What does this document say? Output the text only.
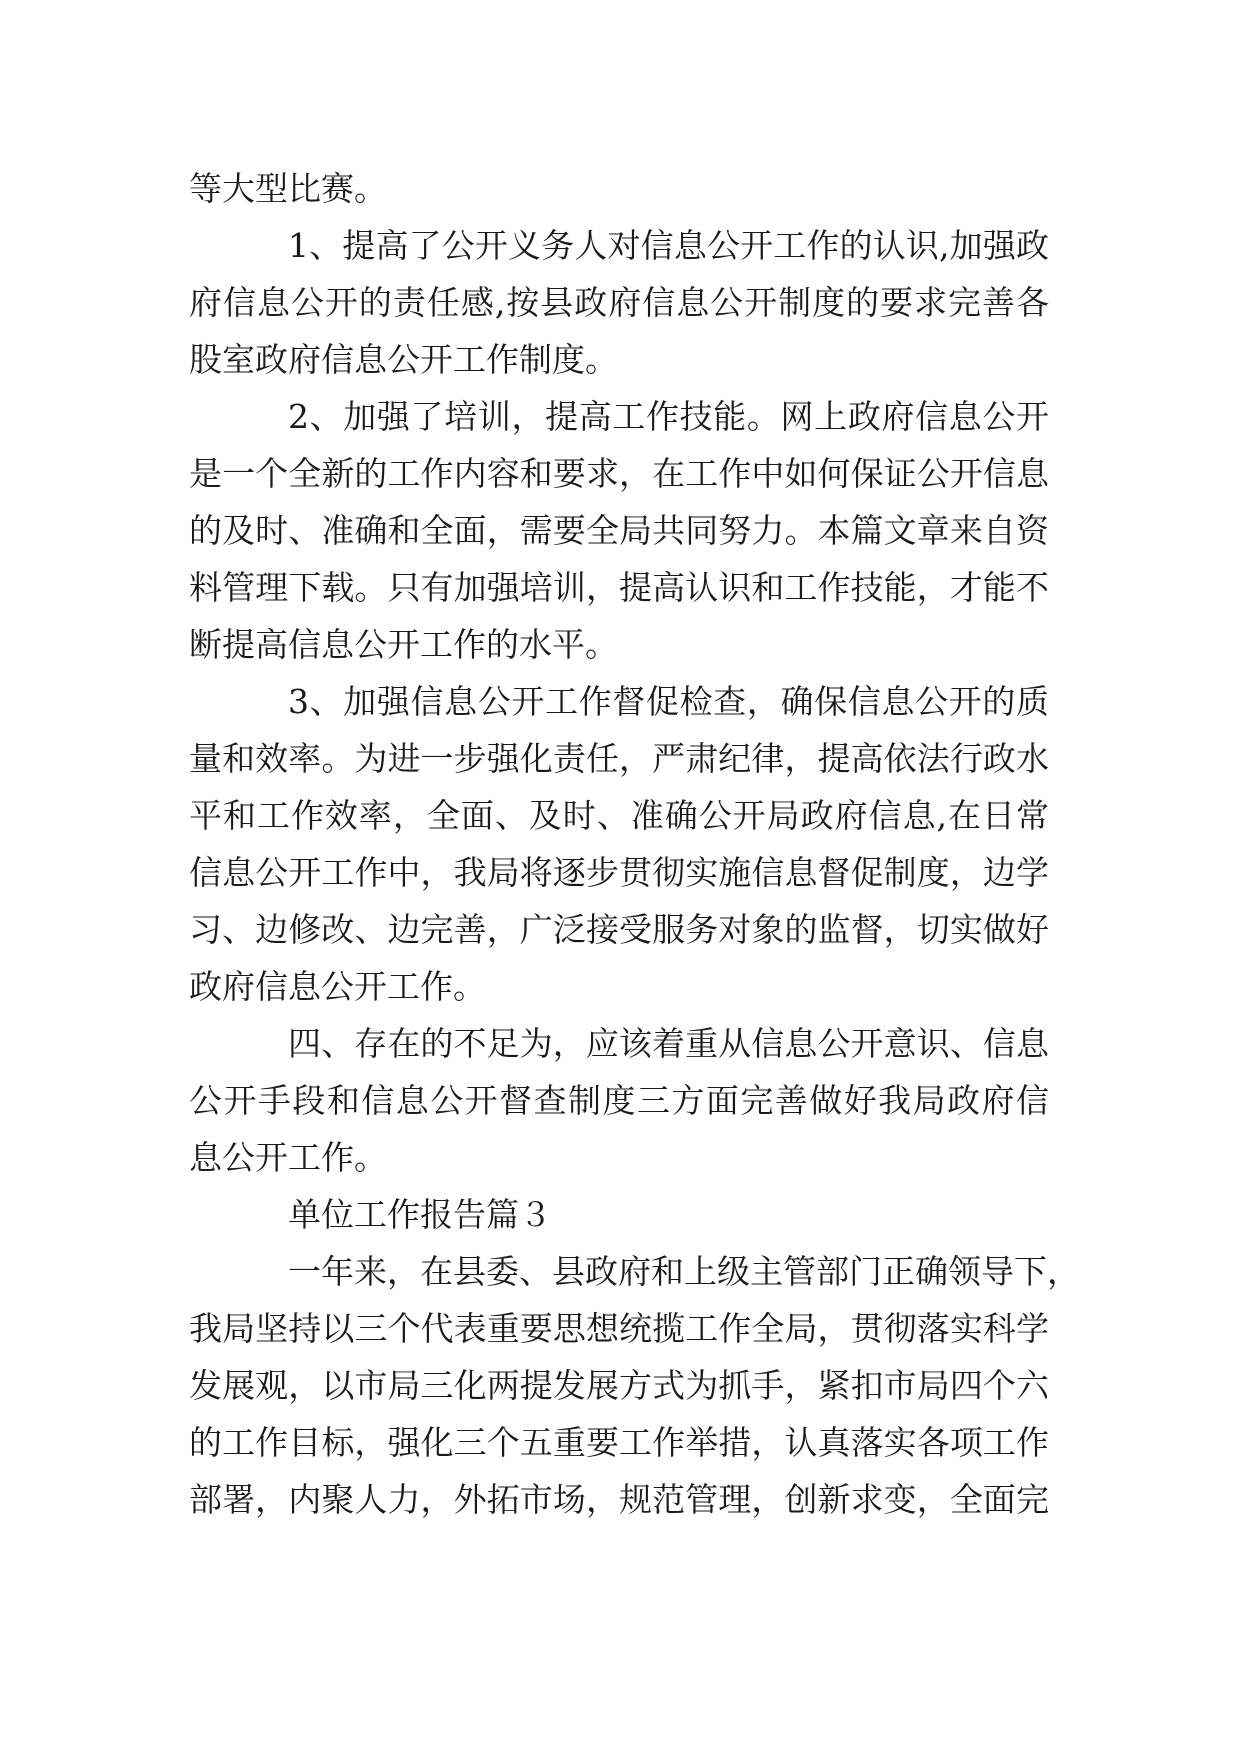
等大型比赛。
1、提高了公开义务人对信息公开工作的认识,加强政
府信息公开的责任感,按县政府信息公开制度的要求完善各
股室政府信息公开工作制度。
2、加强了培训，提高工作技能。网上政府信息公开
是一个全新的工作内容和要求，在工作中如何保证公开信息
的及时、准确和全面，需要全局共同努力。本篇文章来自资
料管理下载。只有加强培训，提高认识和工作技能，才能不
断提高信息公开工作的水平。
3、加强信息公开工作督促检查，确保信息公开的质
量和效率。为进一步强化责任，严肃纪律，提高依法行政水
平和工作效率，全面、及时、准确公开局政府信息,在日常
信息公开工作中，我局将逐步贯彻实施信息督促制度，边学
习、边修改、边完善，广泛接受服务对象的监督，切实做好
政府信息公开工作。
四、存在的不足为，应该着重从信息公开意识、信息
公开手段和信息公开督查制度三方面完善做好我局政府信
息公开工作。
单位工作报告篇３
一年来，在县委、县政府和上级主管部门正确领导下，
我局坚持以三个代表重要思想统揽工作全局，贯彻落实科学
发展观，以市局三化两提发展方式为抓手，紧扣市局四个六
的工作目标，强化三个五重要工作举措，认真落实各项工作
部署，内聚人力，外拓市场，规范管理，创新求变，全面完
